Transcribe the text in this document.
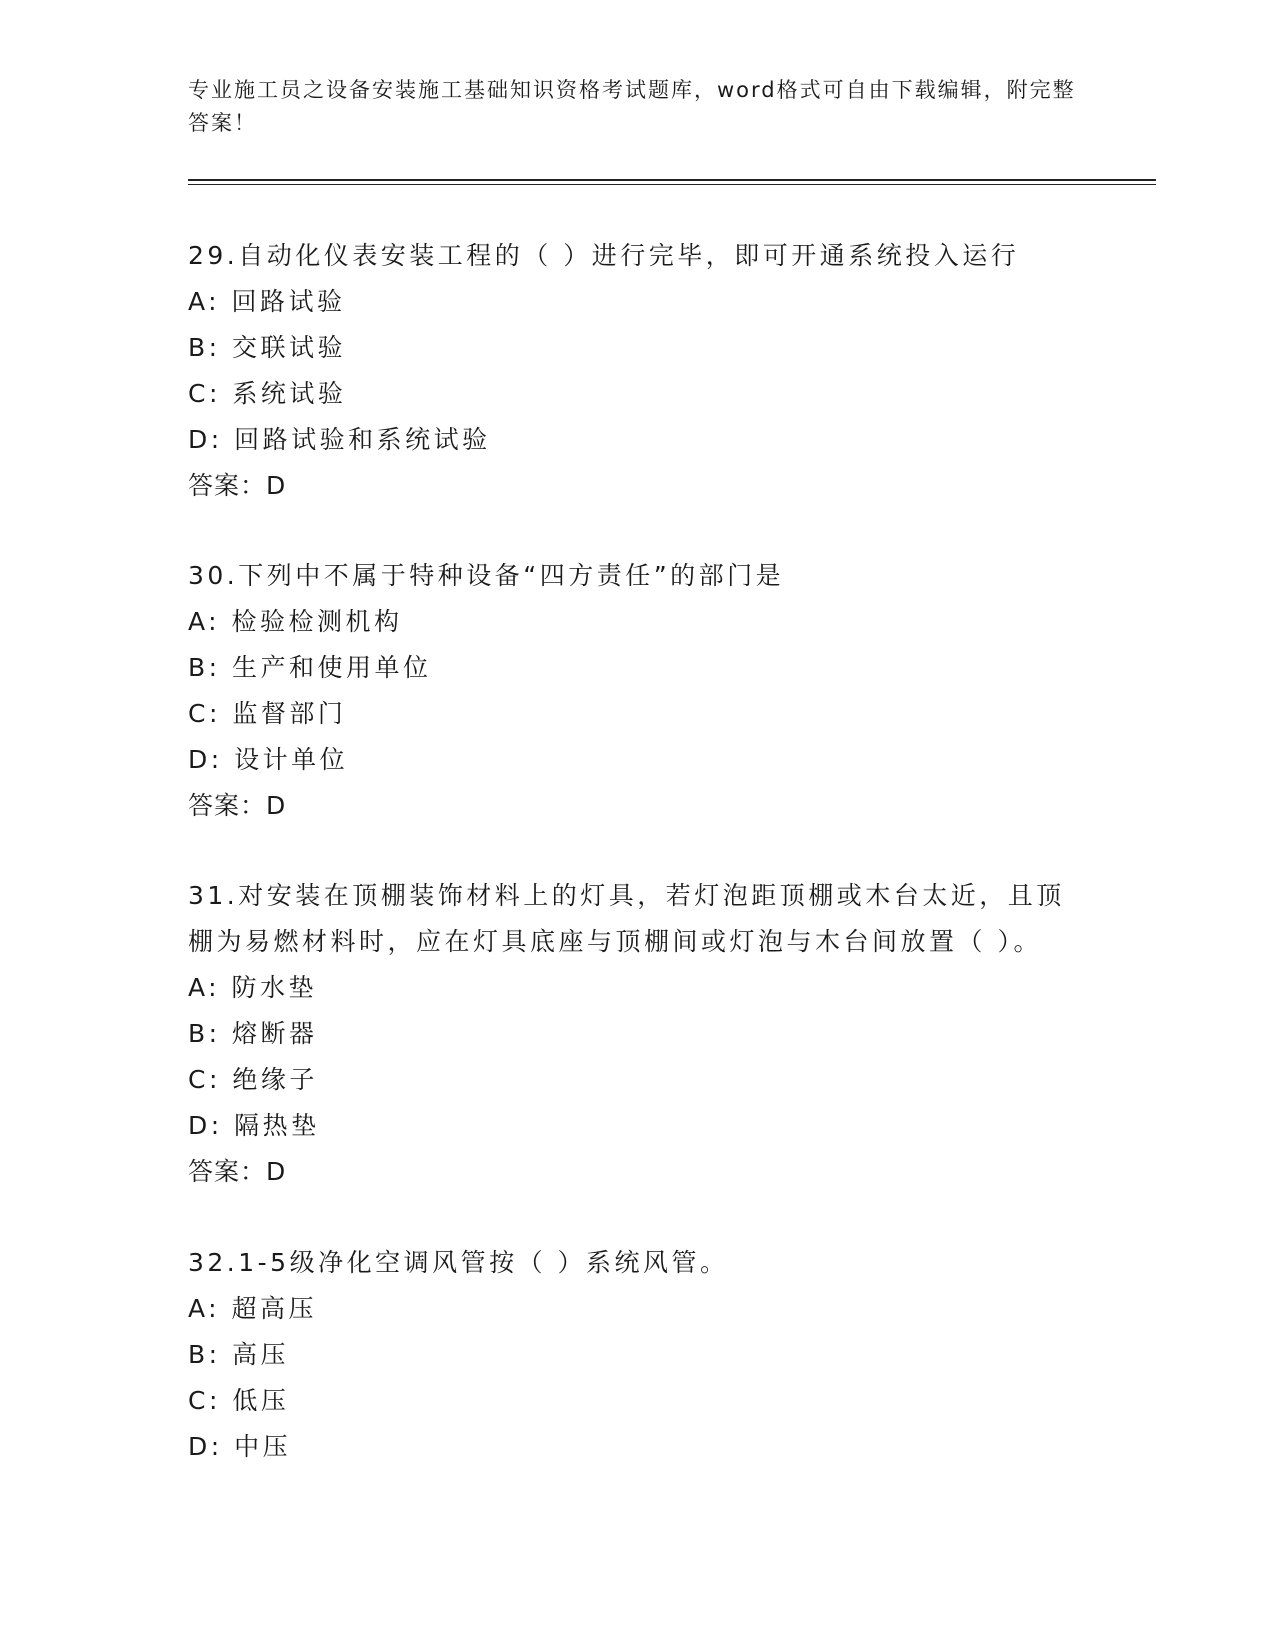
专业施工员之设备安装施工基础知识资格考试题库，word格式可自由下载编辑，附完整答案！
29.自动化仪表安装工程的（ ）进行完毕，即可开通系统投入运行
A: 回路试验
B: 交联试验
C: 系统试验
D: 回路试验和系统试验
答案：D
30.下列中不属于特种设备“四方责任”的部门是
A: 检验检测机构
B: 生产和使用单位
C: 监督部门
D: 设计单位
答案：D
31.对安装在顶棚装饰材料上的灯具，若灯泡距顶棚或木台太近，且顶棚为易燃材料时，应在灯具底座与顶棚间或灯泡与木台间放置（ ）。
A: 防水垫
B: 熔断器
C: 绝缘子
D: 隔热垫
答案：D
32.1-5级净化空调风管按（ ）系统风管。
A: 超高压
B: 高压
C: 低压
D: 中压
